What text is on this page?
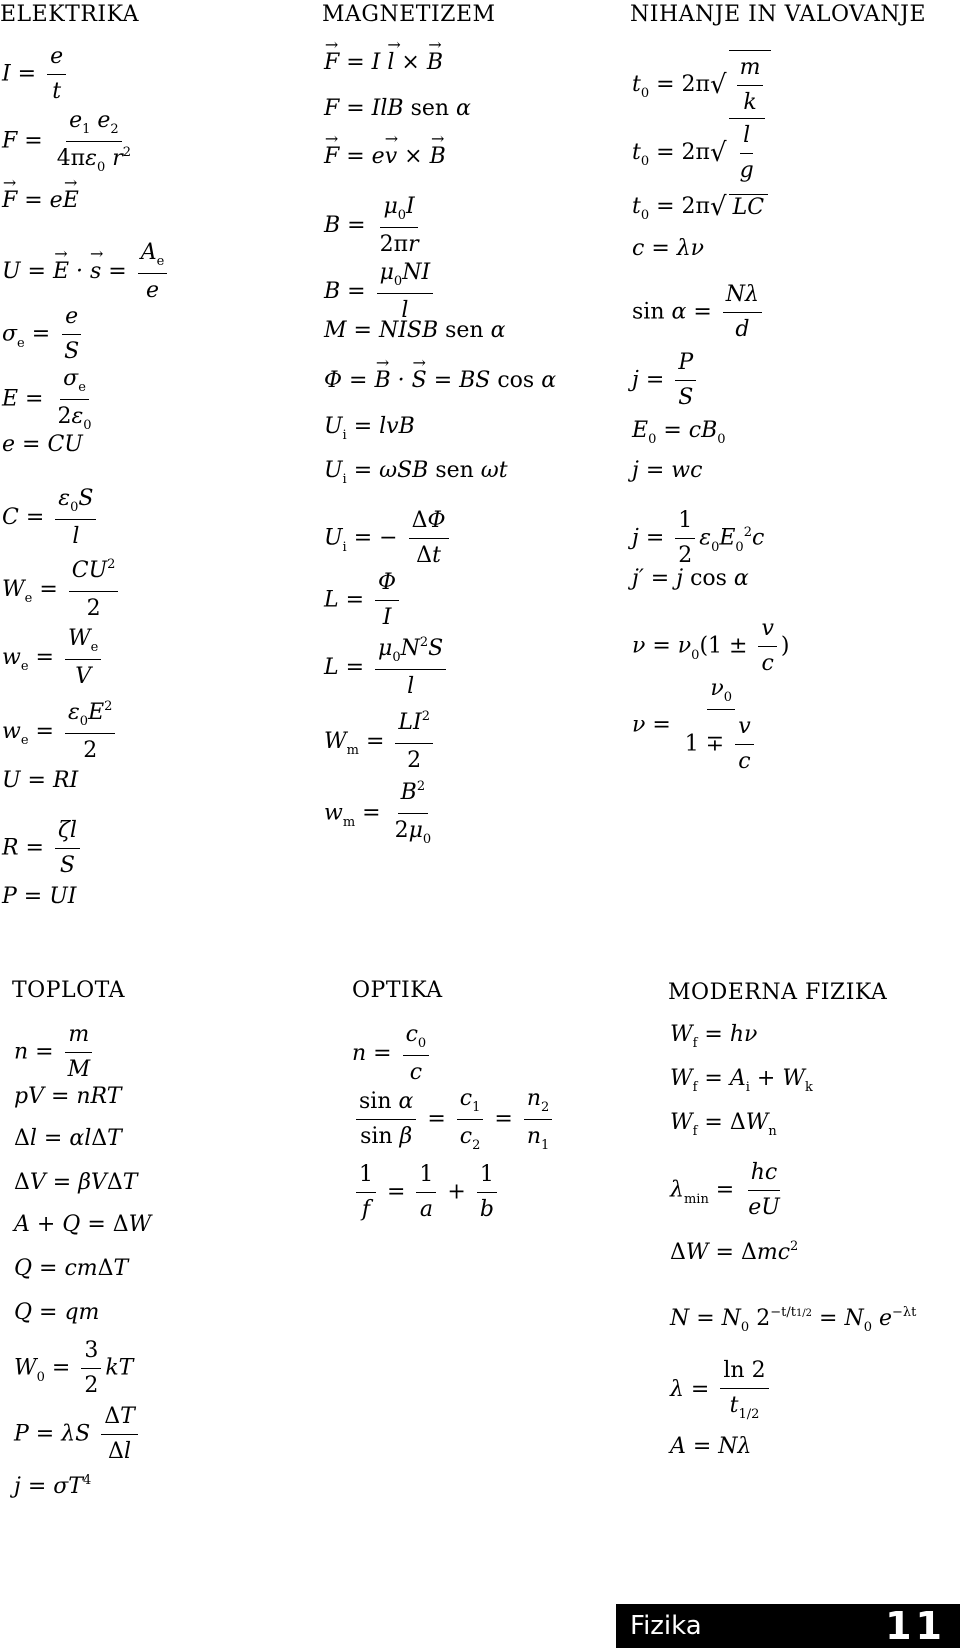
ELEKTRIKA
$I = \frac{e}{t}$
$F = \frac{e_1 e_2}{4\pi\varepsilon_0 r^2}$
→ F = e→ E
U = → E · → $s = \frac{A_e}{e}$
$\sigma_e = \frac{e}{S}$
$E = \frac{\sigma_e}{2\varepsilon_0}$
e = CU
$C = \frac{\varepsilon_0S}{l}$
$W_e = \frac{CU^2}{2}$
$w_e = \frac{W_e}{V}$
$w_e = \frac{\varepsilon_0E^2}{2}$
U = RI
$R = \frac{\zeta l}{S}$
P = UI
MAGNETIZEM
→ F = I → l × → B
F = IlB sen α
→ F = e→ v × → B
$B = \frac{\mu_0I}{2\pi r}$
$B = \frac{\mu_0NI}{l}$
M = NISB sen α
Φ = → B · → S = BS cos α
$U_i$ = lvB
$U_i = \omega SB$ sen ωt
$U_i$ = − $\frac{\Delta\Phi}{\Delta t}$
$L = \frac{\Phi}{I}$
$L = \frac{\mu_0N^2S}{l}$
$W_m = \frac{LI^2}{2}$
$w_m = \frac{B^2}{2\mu_0}$
NIHANJE IN VALOVANJE
$t_0 = 2\pi√ \frac{m}{k}$
$t_0 = 2\pi√ \frac{l}{g}$
$t_0 = 2\pi√$ LC
c = λν
$\sin \alpha = \frac{N\lambda}{d}$
$j = \frac{P}{S}$
$E_0 = cB_0$
j = wc
$j = \frac{1}{2} \varepsilon_0E_0^2c$
j′ = j cos α
$\nu = \nu_0(1 \pm \frac{v}{c}$ )
$\nu = \frac{\nu_0}{1 \mp \frac{v}{c}}$
TOPLOTA
$n = \frac{m}{M}$
pV = nRT
Δl = αlΔT
ΔV = βVΔT
A + Q = ΔW
Q = cmΔT
Q = qm
$W_0 = \frac{3}{2}$ kT
P = λS $\frac{\Delta T}{\Delta l}$
$j = \sigma T^4$
OPTIKA
$n = \frac{c_0}{c}$
$\frac{\text{sin α}}{\text{sin β}} = \frac{c_1}{c_2} = \frac{n_2}{n_1}$
$\frac{1}{f} = \frac{1}{a} + \frac{1}{b}$
MODERNA FIZIKA
$W_f = h\nu$
$W_f = A_i + W_k$
$W_f = \Delta W_n$
$\lambda_{min} = \frac{hc}{eU}$
ΔW = Δmc$^2$
$N = N_0$ $2^{-t/t1/2} = N_0$ $e^{-\lambda t}$
$\lambda = \frac{\ln 2}{t_{1/2}}$
A = Nλ
Fizika	11
